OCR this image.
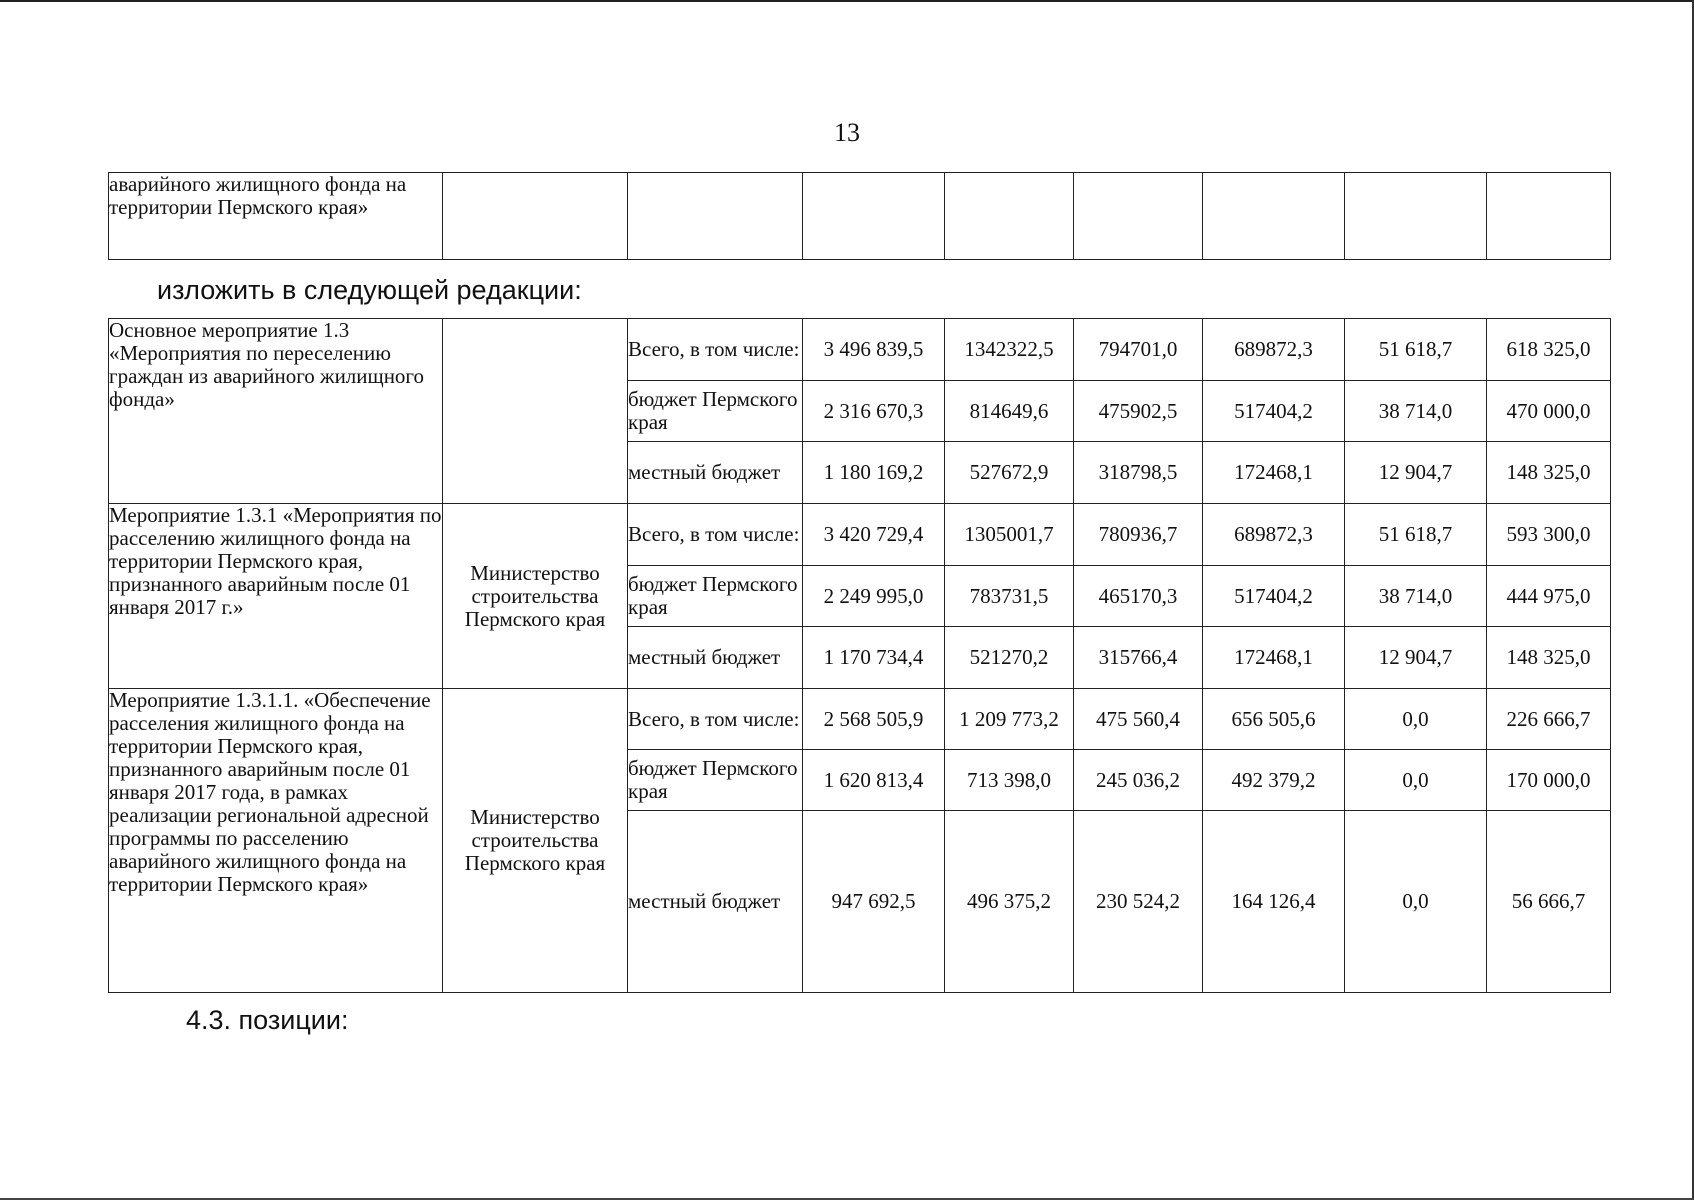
13
аварийного жилищного фонда на территории Пермского края»								
изложить в следующей редакции:
Основное мероприятие 1.3 «Мероприятия по переселению граждан из аварийного жилищного фонда»		Всего, в том числе:	3 496 839,5	1342322,5	794701,0	689872,3	51 618,7	618 325,0
		бюджет Пермского края	2 316 670,3	814649,6	475902,5	517404,2	38 714,0	470 000,0
		местный бюджет	1 180 169,2	527672,9	318798,5	172468,1	12 904,7	148 325,0
Мероприятие 1.3.1 «Мероприятия по расселению жилищного фонда на территории Пермского края, признанного аварийным после 01 января 2017 г.»	Министерство строительства Пермского края	Всего, в том числе:	3 420 729,4	1305001,7	780936,7	689872,3	51 618,7	593 300,0
		бюджет Пермского края	2 249 995,0	783731,5	465170,3	517404,2	38 714,0	444 975,0
		местный бюджет	1 170 734,4	521270,2	315766,4	172468,1	12 904,7	148 325,0
Мероприятие 1.3.1.1. «Обеспечение расселения жилищного фонда на территории Пермского края, признанного аварийным после 01 января 2017 года, в рамках реализации региональной адресной программы по расселению аварийного жилищного фонда на территории Пермского края»	Министерство строительства Пермского края	Всего, в том числе:	2 568 505,9	1 209 773,2	475 560,4	656 505,6	0,0	226 666,7
		бюджет Пермского края	1 620 813,4	713 398,0	245 036,2	492 379,2	0,0	170 000,0
		местный бюджет	947 692,5	496 375,2	230 524,2	164 126,4	0,0	56 666,7
4.3. позиции:
